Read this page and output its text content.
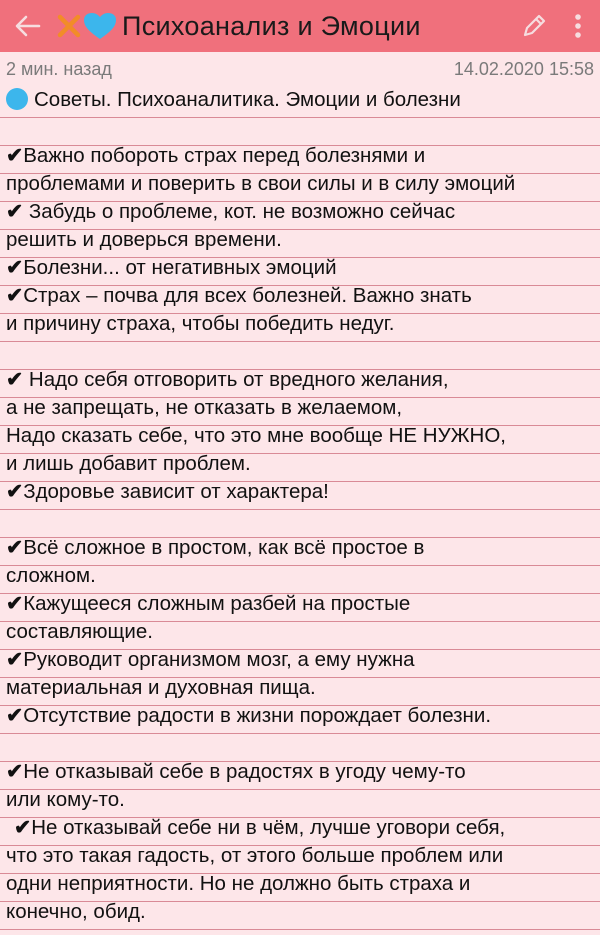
Психоанализ и Эмоции
2 мин. назад	14.02.2020 15:58
Советы. Психоаналитика. Эмоции и болезни
✔Важно побороть страх перед болезнями и
проблемами и поверить в свои силы и в силу эмоций
✔ Забудь о проблеме, кот. не возможно сейчас
решить и доверься времени.
✔Болезни... от негативных эмоций
✔Страх – почва для всех болезней. Важно знать
и причину страха, чтобы победить недуг.
✔ Надо себя отговорить от вредного желания,
а не запрещать, не отказать в желаемом,
Надо сказать себе, что это мне вообще НЕ НУЖНО,
и лишь добавит проблем.
✔Здоровье зависит от характера!
✔Всё сложное в простом, как всё простое в
сложном.
✔Кажущееся сложным разбей на простые
составляющие.
✔Руководит организмом мозг, а ему нужна
материальная и духовная пища.
✔Отсутствие радости в жизни порождает болезни.
✔Не отказывай себе в радостях в угоду чему-то
или кому-то.
✔Не отказывай себе ни в чём, лучше уговори себя,
что это такая гадость, от этого больше проблем или
одни неприятности. Но не должно быть страха и
конечно, обид.
